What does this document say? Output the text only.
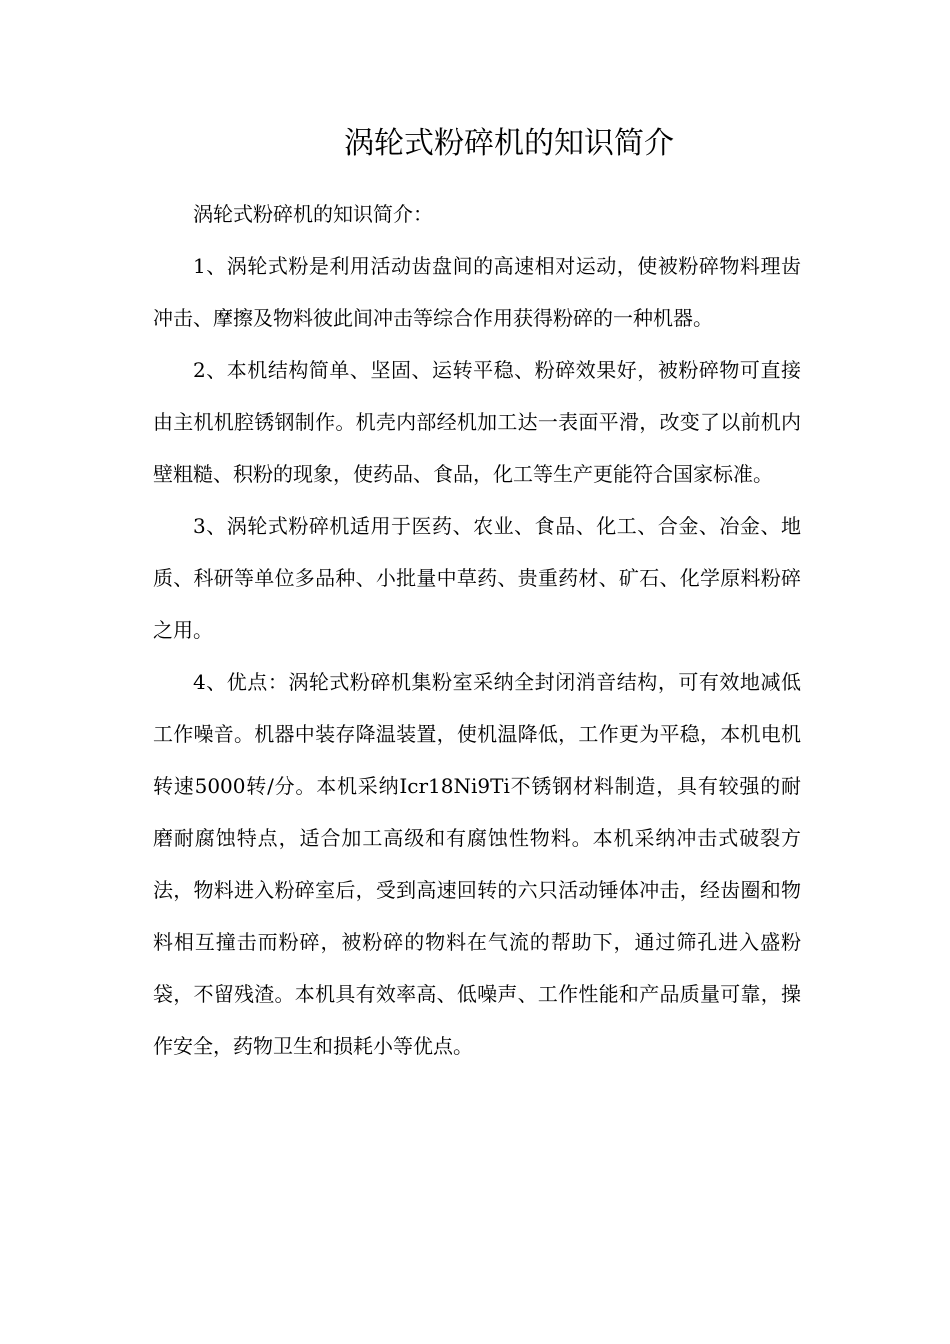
涡轮式粉碎机的知识简介

涡轮式粉碎机的知识简介：

1、涡轮式粉是利用活动齿盘间的高速相对运动，使被粉碎物料理齿冲击、摩擦及物料彼此间冲击等综合作用获得粉碎的一种机器。

2、本机结构简单、坚固、运转平稳、粉碎效果好，被粉碎物可直接由主机机腔锈钢制作。机壳内部经机加工达一表面平滑，改变了以前机内壁粗糙、积粉的现象，使药品、食品，化工等生产更能符合国家标准。

3、涡轮式粉碎机适用于医药、农业、食品、化工、合金、冶金、地质、科研等单位多品种、小批量中草药、贵重药材、矿石、化学原料粉碎之用。

4、优点：涡轮式粉碎机集粉室采纳全封闭消音结构，可有效地减低工作噪音。机器中装存降温装置，使机温降低，工作更为平稳，本机电机转速5000转/分。本机采纳Icr18Ni9Ti不锈钢材料制造，具有较强的耐磨耐腐蚀特点，适合加工高级和有腐蚀性物料。本机采纳冲击式破裂方法，物料进入粉碎室后，受到高速回转的六只活动锤体冲击，经齿圈和物料相互撞击而粉碎，被粉碎的物料在气流的帮助下，通过筛孔进入盛粉袋，不留残渣。本机具有效率高、低噪声、工作性能和产品质量可靠，操作安全，药物卫生和损耗小等优点。
